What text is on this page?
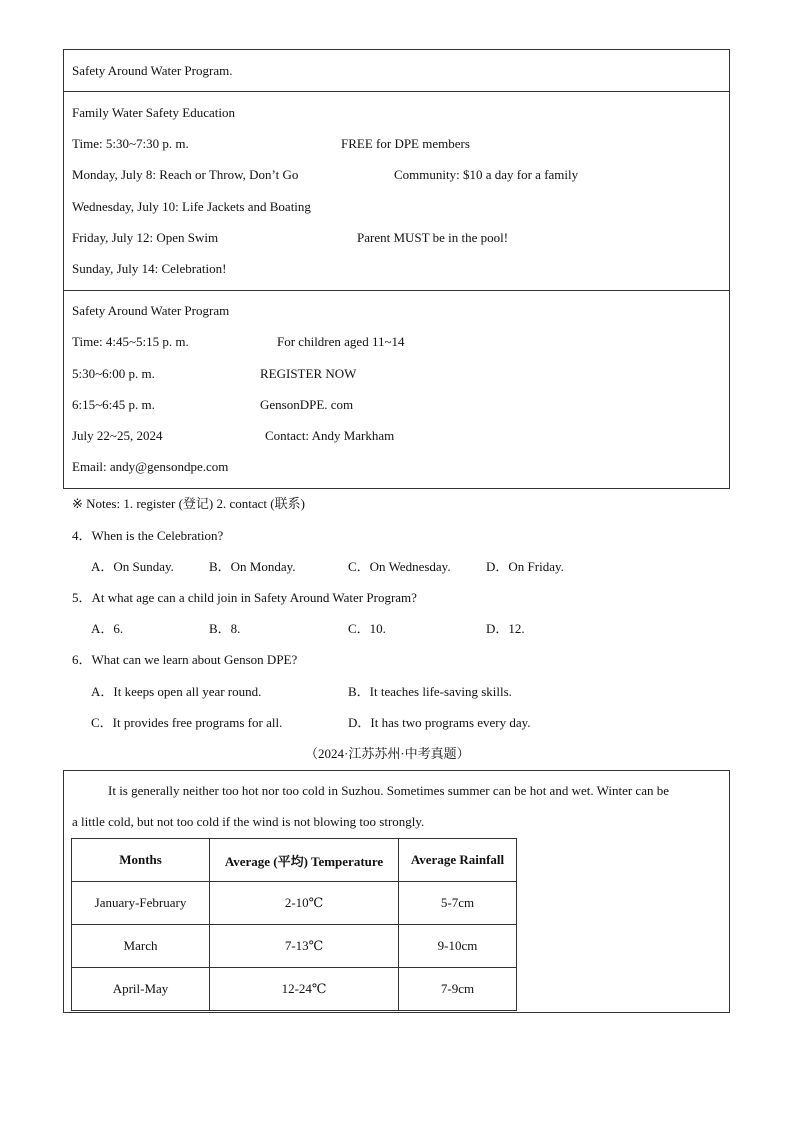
Safety Around Water Program.
Family Water Safety Education
Time: 5:30~7:30 p. m.	FREE for DPE members
Monday, July 8: Reach or Throw, Don’t Go	Community: $10 a day for a family
Wednesday, July 10: Life Jackets and Boating
Friday, July 12: Open Swim	Parent MUST be in the pool!
Sunday, July 14: Celebration!
Safety Around Water Program
Time: 4:45~5:15 p. m.	For children aged 11~14
5:30~6:00 p. m.	REGISTER NOW
6:15~6:45 p. m.	GensonDPE. com
July 22~25, 2024	Contact: Andy Markham
Email: andy@gensondpe.com
※ Notes: 1. register (登记) 2. contact (联系)
4．When is the Celebration?
A．On Sunday.	B．On Monday.	C．On Wednesday.	D．On Friday.
5．At what age can a child join in Safety Around Water Program?
A．6.	B．8.	C．10.	D．12.
6．What can we learn about Genson DPE?
A．It keeps open all year round.	B．It teaches life-saving skills.
C．It provides free programs for all.	D．It has two programs every day.
（2024·江苏苏州·中考真题）
It is generally neither too hot nor too cold in Suzhou. Sometimes summer can be hot and wet. Winter can be
a little cold, but not too cold if the wind is not blowing too strongly.
Months	Average (平均) Temperature	Average Rainfall
January-February	2-10℃	5-7cm
March	7-13℃	9-10cm
April-May	12-24℃	7-9cm
